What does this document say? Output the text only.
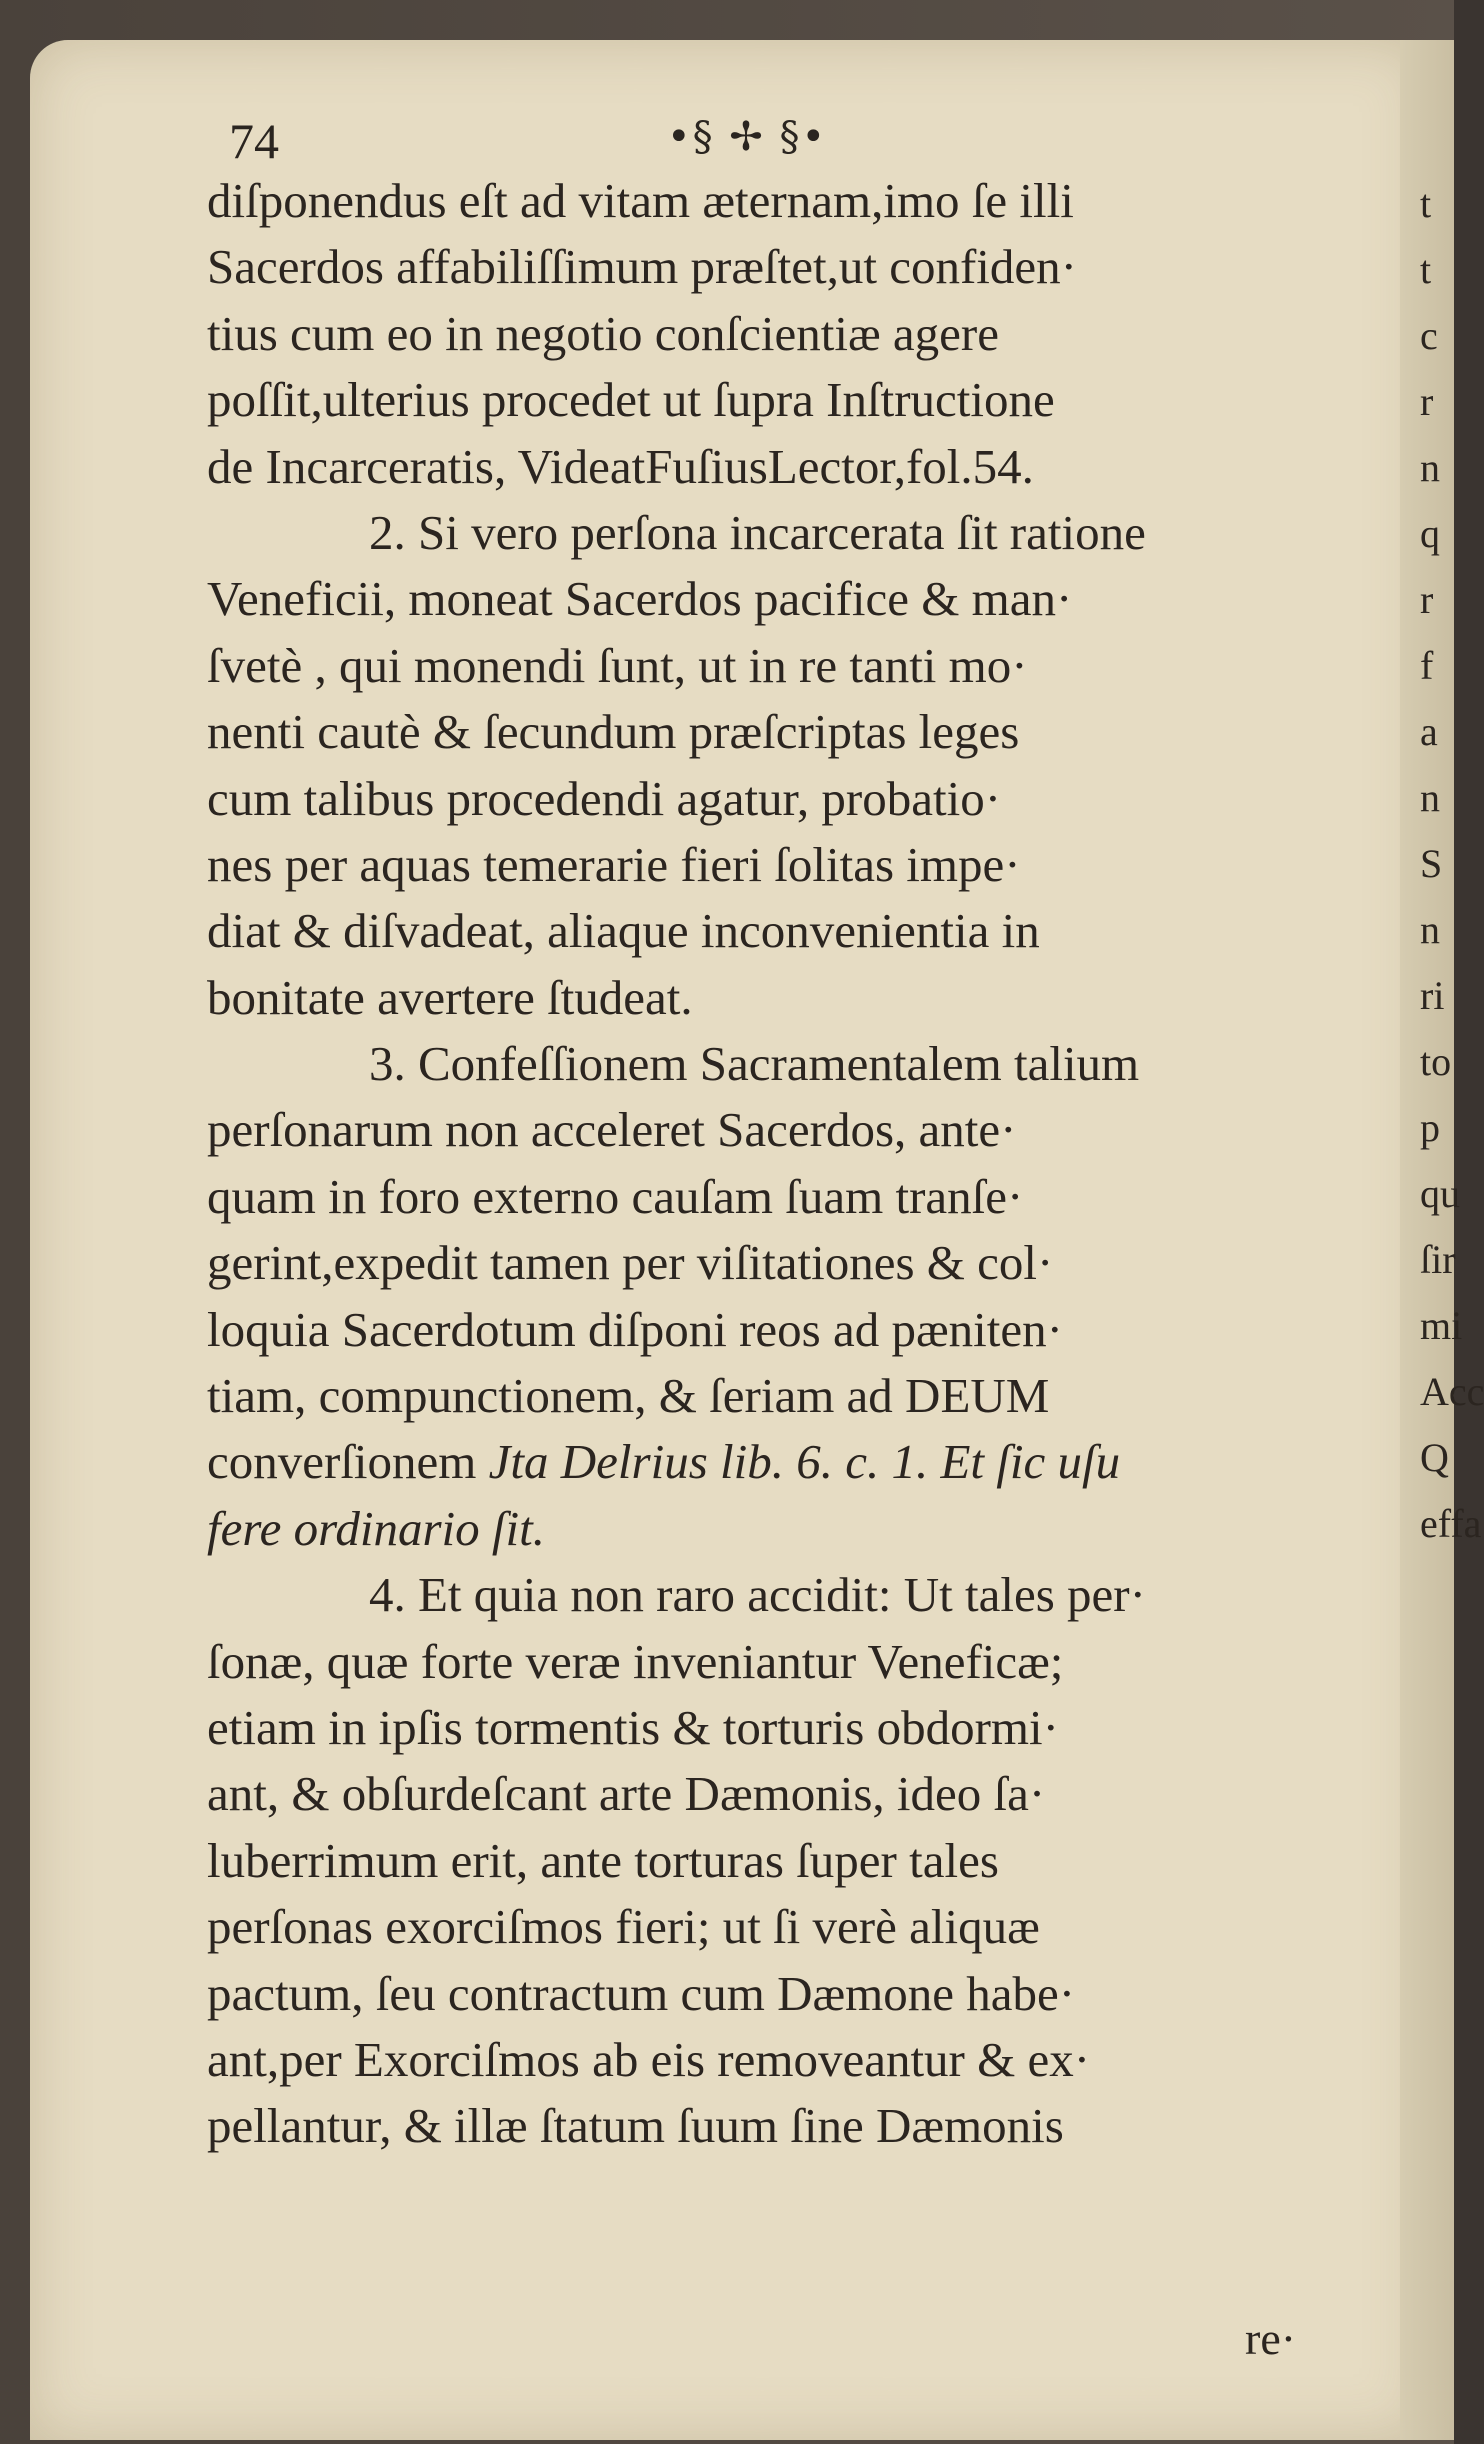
t
t
c
r
n
q
r
f
a
n
S
n
ri
to
p
qu
ſir
mi
Acc
Q
effa
74	•§ ✢ §•
diſponendus eſt ad vitam æternam,imo ſe illi
Sacerdos affabiliſſimum præſtet,ut confiden·
tius cum eo in negotio conſcientiæ agere
poſſit,ulterius procedet ut ſupra Inſtructione
de Incarceratis, VideatFuſiusLector,fol.54.
2. Si vero perſona incarcerata ſit ratione
Veneficii, moneat Sacerdos pacifice & man·
ſvetè , qui monendi ſunt, ut in re tanti mo·
nenti cautè & ſecundum præſcriptas leges
cum talibus procedendi agatur, probatio·
nes per aquas temerarie fieri ſolitas impe·
diat & diſvadeat, aliaque inconvenientia in
bonitate avertere ſtudeat.
3. Confeſſionem Sacramentalem talium
perſonarum non acceleret Sacerdos, ante·
quam in foro externo cauſam ſuam tranſe·
gerint,expedit tamen per viſitationes & col·
loquia Sacerdotum diſponi reos ad pæniten·
tiam, compunctionem, & ſeriam ad DEUM
converſionem Jta Delrius lib. 6. c. 1. Et ſic uſu
fere ordinario ſit.
4. Et quia non raro accidit: Ut tales per·
ſonæ, quæ forte veræ inveniantur Veneficæ;
etiam in ipſis tormentis & torturis obdormi·
ant, & obſurdeſcant arte Dæmonis, ideo ſa·
luberrimum erit, ante torturas ſuper tales
perſonas exorciſmos fieri; ut ſi verè aliquæ
pactum, ſeu contractum cum Dæmone habe·
ant,per Exorciſmos ab eis removeantur & ex·
pellantur, & illæ ſtatum ſuum ſine Dæmonis
re·
